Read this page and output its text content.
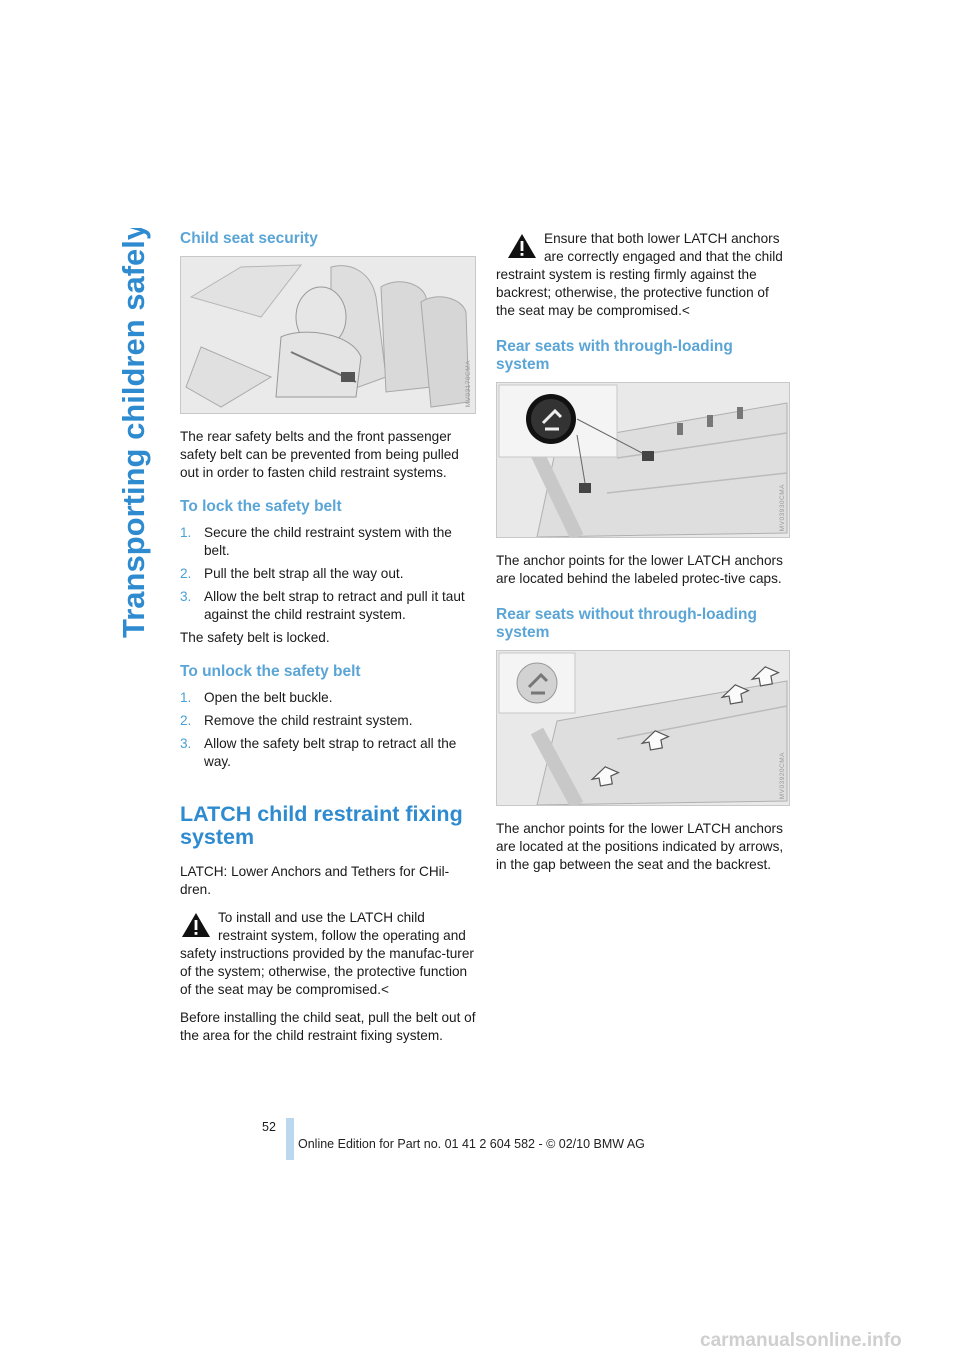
Transporting children safely Child seat security
MV03170CMA

The rear safety belts and the front passenger safety belt can be prevented from being pulled out in order to fasten child restraint systems.

To lock the safety belt
1. Secure the child restraint system with the belt.
2. Pull the belt strap all the way out.
3. Allow the belt strap to retract and pull it taut against the child restraint system.

The safety belt is locked.

To unlock the safety belt
1. Open the belt buckle.
2. Remove the child restraint system.
3. Allow the safety belt strap to retract all the way.
LATCH child restraint fixing system

LATCH: Lower Anchors and Tethers for CHil-dren.

To install and use the LATCH child restraint system, follow the operating and safety instructions provided by the manufac-turer of the system; otherwise, the protective function of the seat may be compromised.<

Before installing the child seat, pull the belt out of the area for the child restraint fixing system.

Ensure that both lower LATCH anchors are correctly engaged and that the child restraint system is resting firmly against the backrest; otherwise, the protective function of the seat may be compromised.<

Rear seats with through-loading system
MV03930CMA

The anchor points for the lower LATCH anchors are located behind the labeled protec-tive caps.

Rear seats without through-loading system
MV03920CMA

The anchor points for the lower LATCH anchors are located at the positions indicated by arrows, in the gap between the seat and the backrest.

52
Online Edition for Part no. 01 41 2 604 582 - © 02/10 BMW AG
carmanualsonline.info
